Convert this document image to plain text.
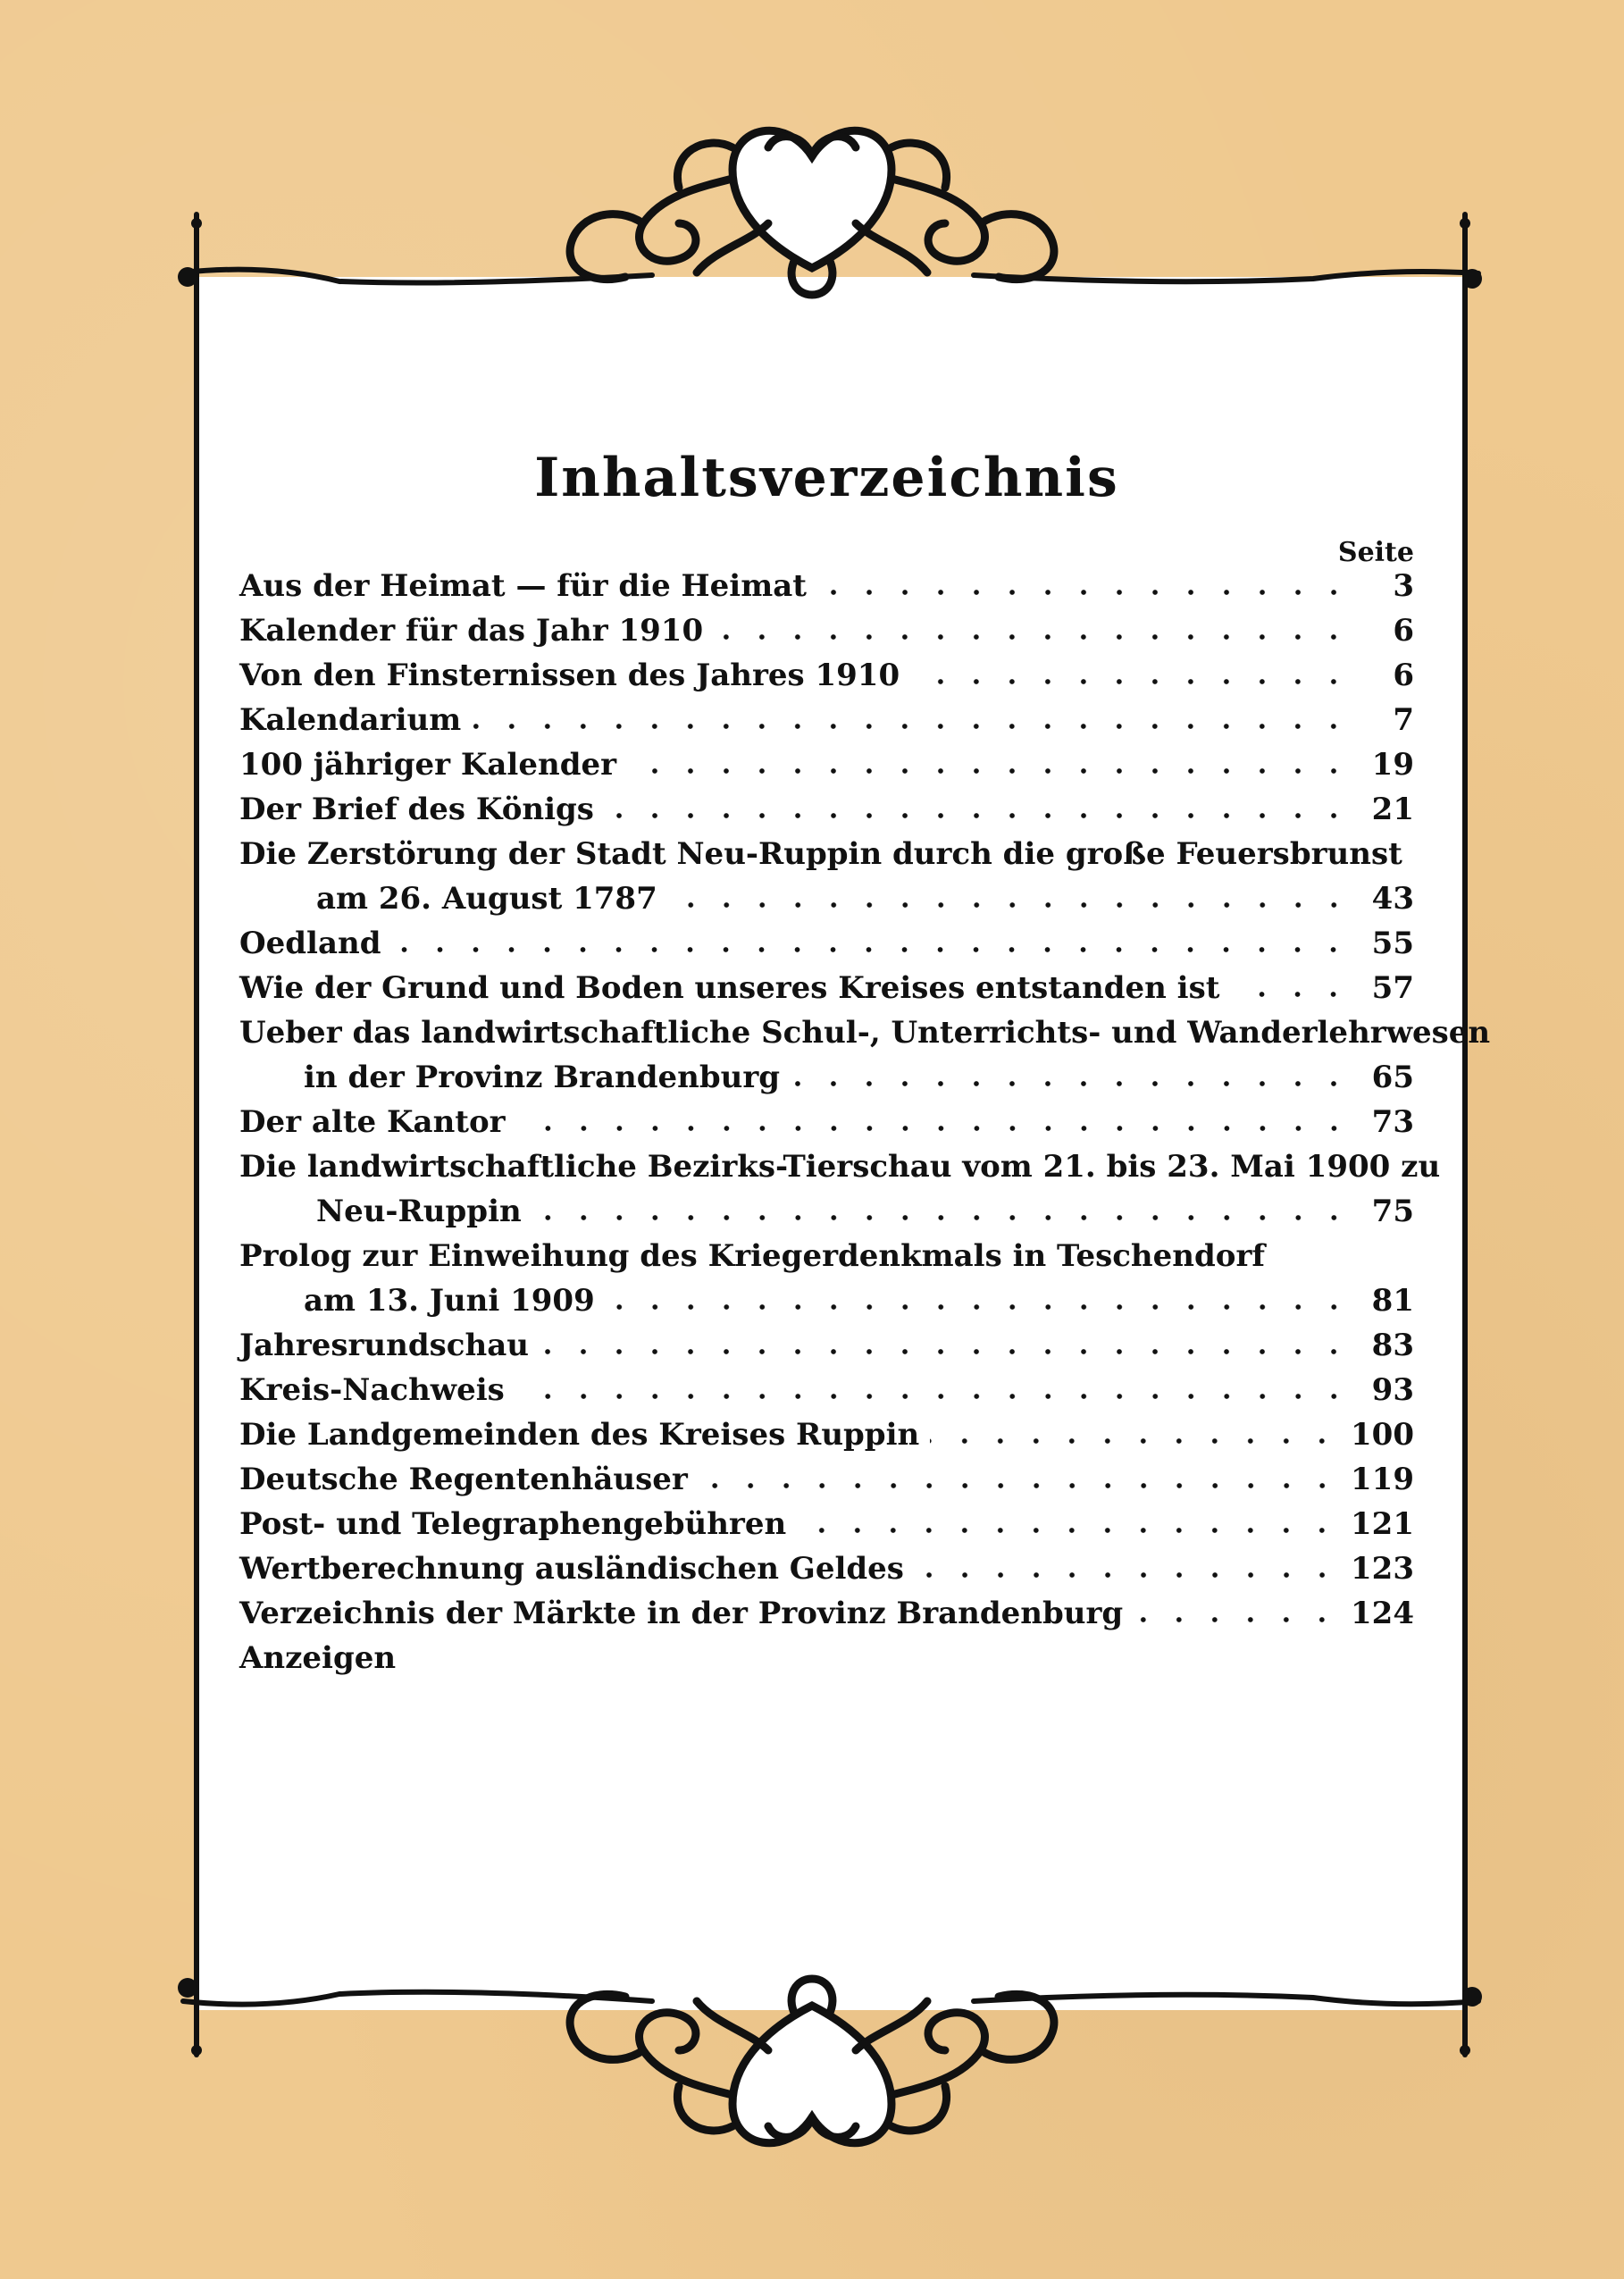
Inhaltsverzeichnis
Seite
Aus der Heimat — für die Heimat	3
Kalender für das Jahr 1910	6
Von den Finsternissen des Jahres 1910	6
Kalendarium	7
100 jähriger Kalender	19
Der Brief des Königs	21
Die Zerstörung der Stadt Neu-Ruppin durch die große Feuersbrunst
am 26. August 1787	43
Oedland	55
Wie der Grund und Boden unseres Kreises entstanden ist	57
Ueber das landwirtschaftliche Schul-, Unterrichts- und Wanderlehrwesen
in der Provinz Brandenburg	65
Der alte Kantor	73
Die landwirtschaftliche Bezirks-Tierschau vom 21. bis 23. Mai 1900 zu
Neu-Ruppin	75
Prolog zur Einweihung des Kriegerdenkmals in Teschendorf
am 13. Juni 1909	81
Jahresrundschau	83
Kreis-Nachweis	93
Die Landgemeinden des Kreises Ruppin	100
Deutsche Regentenhäuser	119
Post- und Telegraphengebühren	121
Wertberechnung ausländischen Geldes	123
Verzeichnis der Märkte in der Provinz Brandenburg	124
Anzeigen
